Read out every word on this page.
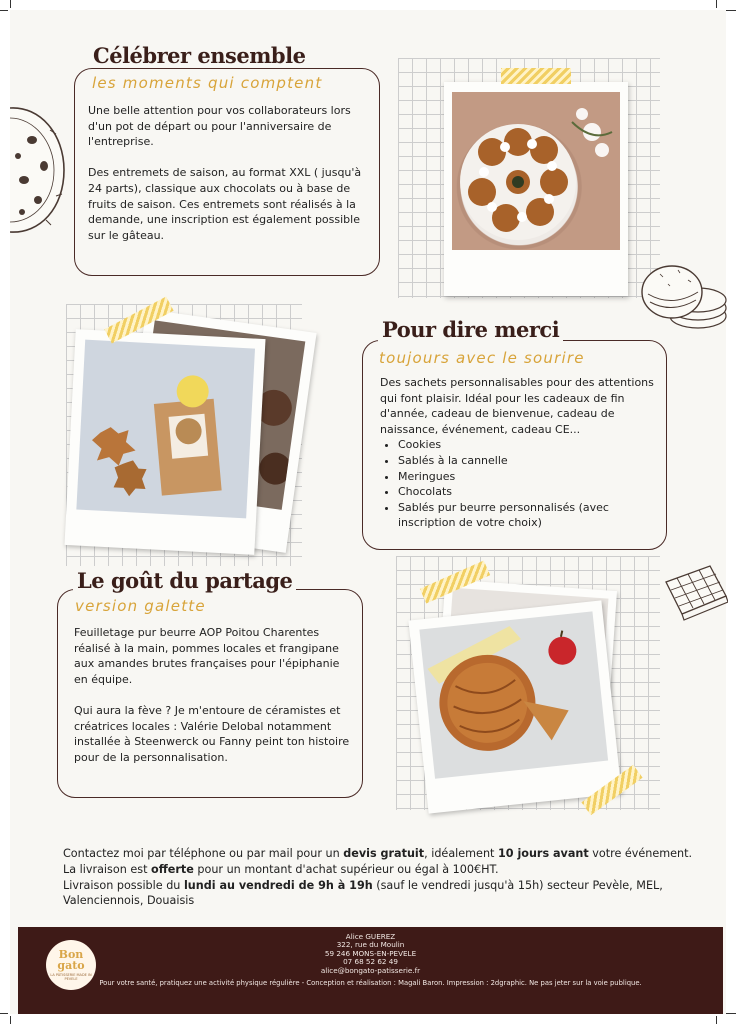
Célébrer ensemble
les moments qui comptent

Une belle attention pour vos collaborateurs lors d'un pot de départ ou pour l'anniversaire de l'entreprise.

Des entremets de saison, au format XXL ( jusqu'à 24 parts), classique aux chocolats ou à base de fruits de saison. Ces entremets sont réalisés à la demande, une inscription est également possible sur le gâteau.

Pour dire merci
toujours avec le sourire
Des sachets personnalisables pour des attentions qui font plaisir. Idéal pour les cadeaux de fin d'année, cadeau de bienvenue, cadeau de naissance, événement, cadeau CE...
• Cookies
• Sablés à la cannelle
• Meringues
• Chocolats
• Sablés pur beurre personnalisés (avec inscription de votre choix)
Le goût du partage
version galette

Feuilletage pur beurre AOP Poitou Charentes réalisé à la main, pommes locales et frangipane aux amandes brutes françaises pour l'épiphanie en équipe.

Qui aura la fève ? Je m'entoure de céramistes et créatrices locales : Valérie Delobal notamment installée à Steenwerck ou Fanny peint ton histoire pour de la personnalisation.

Contactez moi par téléphone ou par mail pour un devis gratuit, idéalement 10 jours avant votre événement.
La livraison est offerte pour un montant d'achat supérieur ou égal à 100€HT.
Livraison possible du lundi au vendredi de 9h à 19h (sauf le vendredi jusqu'à 15h) secteur Pevèle, MEL, Valenciennois, Douaisis
Bon
gato
LA PÂTISSERIE MADE IN PEVELE
Alice GUEREZ
322, rue du Moulin
59 246 MONS-EN-PEVELE
07 68 52 62 49
alice@bongato-patisserie.fr
Pour votre santé, pratiquez une activité physique régulière - Conception et réalisation : Magali Baron. Impression : 2dgraphic. Ne pas jeter sur la voie publique.
